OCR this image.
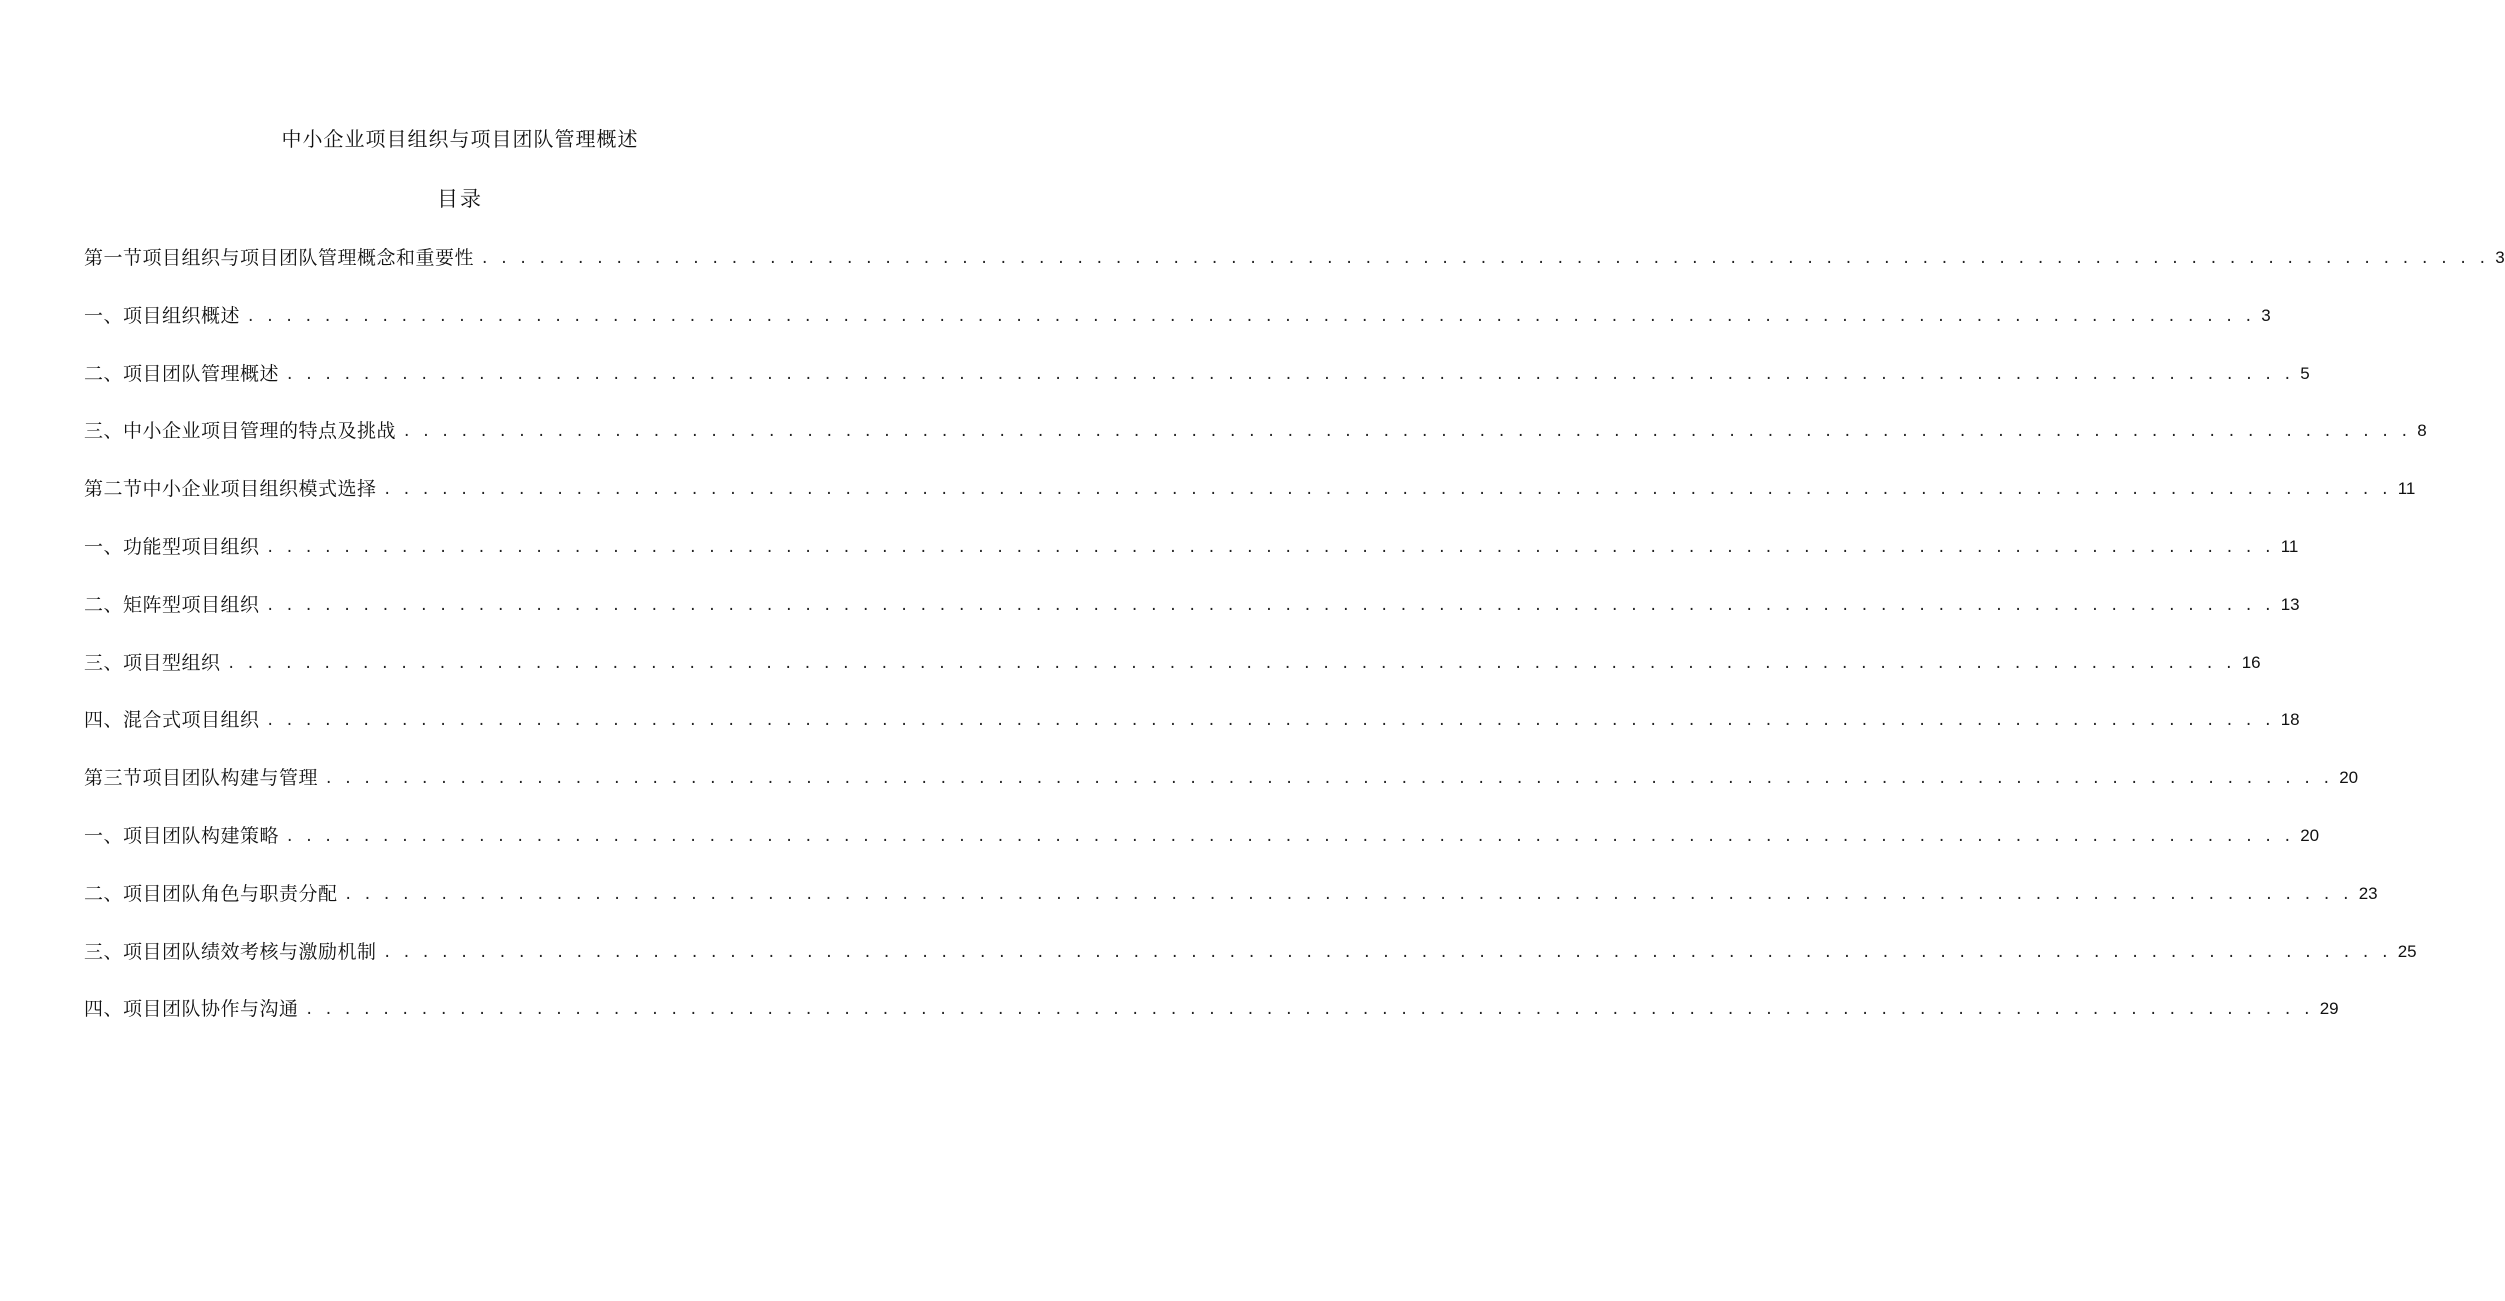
中小企业项目组织与项目团队管理概述
目录
第一节项目组织与项目团队管理概念和重要性 . . . . . . . . . . . . . . . . . . . . . . . . . . . . . . . . . . . . . . . . . . . . . . . . . . . . . . . . . . . . . . . . . . . . . . . . . . . . . . . . . . . . . . . . . . . . . . . . . . . . . . . . . 3
一、项目组织概述 . . . . . . . . . . . . . . . . . . . . . . . . . . . . . . . . . . . . . . . . . . . . . . . . . . . . . . . . . . . . . . . . . . . . . . . . . . . . . . . . . . . . . . . . . . . . . . . . . . . . . . . . . 3
二、项目团队管理概述 . . . . . . . . . . . . . . . . . . . . . . . . . . . . . . . . . . . . . . . . . . . . . . . . . . . . . . . . . . . . . . . . . . . . . . . . . . . . . . . . . . . . . . . . . . . . . . . . . . . . . . . . . 5
三、中小企业项目管理的特点及挑战 . . . . . . . . . . . . . . . . . . . . . . . . . . . . . . . . . . . . . . . . . . . . . . . . . . . . . . . . . . . . . . . . . . . . . . . . . . . . . . . . . . . . . . . . . . . . . . . . . . . . . . . . . 8
第二节中小企业项目组织模式选择 . . . . . . . . . . . . . . . . . . . . . . . . . . . . . . . . . . . . . . . . . . . . . . . . . . . . . . . . . . . . . . . . . . . . . . . . . . . . . . . . . . . . . . . . . . . . . . . . . . . . . . . . . 11
一、功能型项目组织 . . . . . . . . . . . . . . . . . . . . . . . . . . . . . . . . . . . . . . . . . . . . . . . . . . . . . . . . . . . . . . . . . . . . . . . . . . . . . . . . . . . . . . . . . . . . . . . . . . . . . . . . . 11
二、矩阵型项目组织 . . . . . . . . . . . . . . . . . . . . . . . . . . . . . . . . . . . . . . . . . . . . . . . . . . . . . . . . . . . . . . . . . . . . . . . . . . . . . . . . . . . . . . . . . . . . . . . . . . . . . . . . . 13
三、项目型组织 . . . . . . . . . . . . . . . . . . . . . . . . . . . . . . . . . . . . . . . . . . . . . . . . . . . . . . . . . . . . . . . . . . . . . . . . . . . . . . . . . . . . . . . . . . . . . . . . . . . . . . . . . 16
四、混合式项目组织 . . . . . . . . . . . . . . . . . . . . . . . . . . . . . . . . . . . . . . . . . . . . . . . . . . . . . . . . . . . . . . . . . . . . . . . . . . . . . . . . . . . . . . . . . . . . . . . . . . . . . . . . . 18
第三节项目团队构建与管理 . . . . . . . . . . . . . . . . . . . . . . . . . . . . . . . . . . . . . . . . . . . . . . . . . . . . . . . . . . . . . . . . . . . . . . . . . . . . . . . . . . . . . . . . . . . . . . . . . . . . . . . . . 20
一、项目团队构建策略 . . . . . . . . . . . . . . . . . . . . . . . . . . . . . . . . . . . . . . . . . . . . . . . . . . . . . . . . . . . . . . . . . . . . . . . . . . . . . . . . . . . . . . . . . . . . . . . . . . . . . . . . . 20
二、项目团队角色与职责分配 . . . . . . . . . . . . . . . . . . . . . . . . . . . . . . . . . . . . . . . . . . . . . . . . . . . . . . . . . . . . . . . . . . . . . . . . . . . . . . . . . . . . . . . . . . . . . . . . . . . . . . . . . 23
三、项目团队绩效考核与激励机制 . . . . . . . . . . . . . . . . . . . . . . . . . . . . . . . . . . . . . . . . . . . . . . . . . . . . . . . . . . . . . . . . . . . . . . . . . . . . . . . . . . . . . . . . . . . . . . . . . . . . . . . . . 25
四、项目团队协作与沟通 . . . . . . . . . . . . . . . . . . . . . . . . . . . . . . . . . . . . . . . . . . . . . . . . . . . . . . . . . . . . . . . . . . . . . . . . . . . . . . . . . . . . . . . . . . . . . . . . . . . . . . . . . 29
